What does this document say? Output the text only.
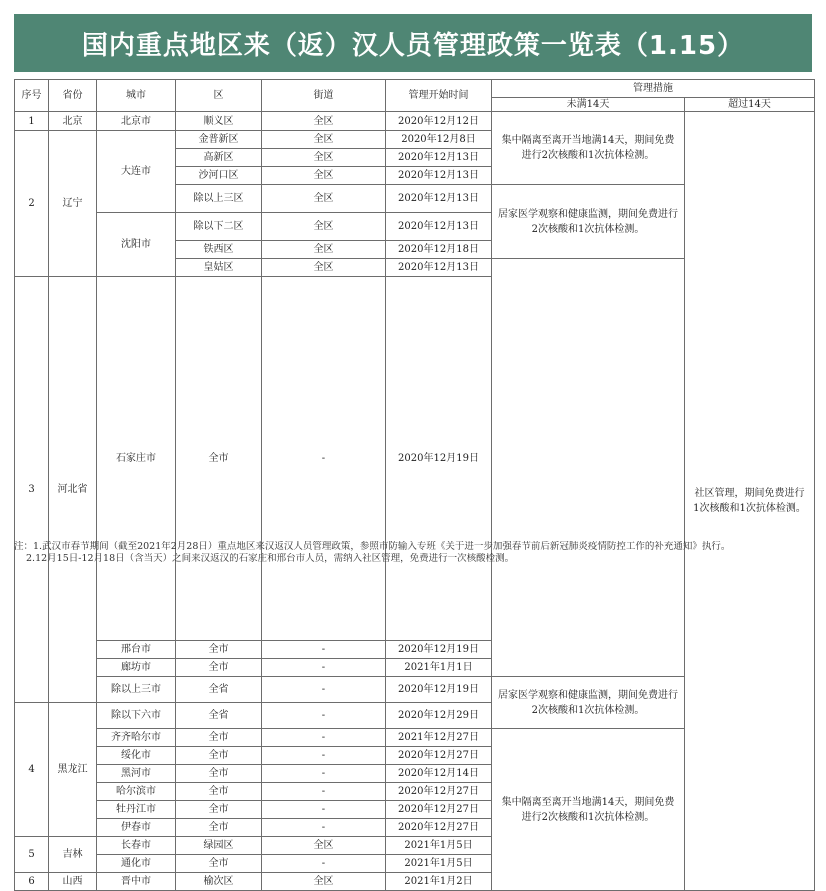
国内重点地区来（返）汉人员管理政策一览表（1.15）
序号	省份	城市	区	街道	管理开始时间	管理措施		
						未满14天	超过14天	
1	北京	北京市	顺义区	全区	2020年12月12日	集中隔离至离开当地满14天，期间免费进行2次核酸和1次抗体检测。	社区管理，期间免费进行1次核酸和1次抗体检测。	
2	辽宁	大连市	金普新区	全区	2020年12月8日			
			高新区	全区	2020年12月13日			
			沙河口区	全区	2020年12月13日			
			除以上三区	全区	2020年12月13日	居家医学观察和健康监测，期间免费进行2次核酸和1次抗体检测。		
		沈阳市	除以下二区	全区	2020年12月13日			
			铁西区	全区	2020年12月18日	
			皇姑区	全区	2020年12月13日			
3	河北省	石家庄市	全市	-	2020年12月19日			
		邢台市	全市	-	2020年12月19日			
		廊坊市	全市	-	2021年1月1日			
		除以上三市	全省	-	2020年12月19日	居家医学观察和健康监测，期间免费进行2次核酸和1次抗体检测。		
4	黑龙江	除以下六市	全省	-	2020年12月29日			
		齐齐哈尔市	全市	-	2021年12月27日	集中隔离至离开当地满14天，期间免费进行2次核酸和1次抗体检测。		
		绥化市	全市	-	2020年12月27日			
		黑河市	全市	-	2020年12月14日			
		哈尔滨市	全市	-	2020年12月27日			
		牡丹江市	全市	-	2020年12月27日			
		伊春市	全市	-	2020年12月27日			
5	吉林	长春市	绿园区	全区	2021年1月5日			
		通化市	全市	-	2021年1月5日			
6	山西	晋中市	榆次区	全区	2021年1月2日			
注：1.武汉市春节期间（截至2021年2月28日）重点地区来汉返汉人员管理政策，参照市防输入专班《关于进一步加强春节前后新冠肺炎疫情防控工作的补充通知》执行。
2.12月15日-12月18日（含当天）之间来汉返汉的石家庄和邢台市人员，需纳入社区管理，免费进行一次核酸检测。
